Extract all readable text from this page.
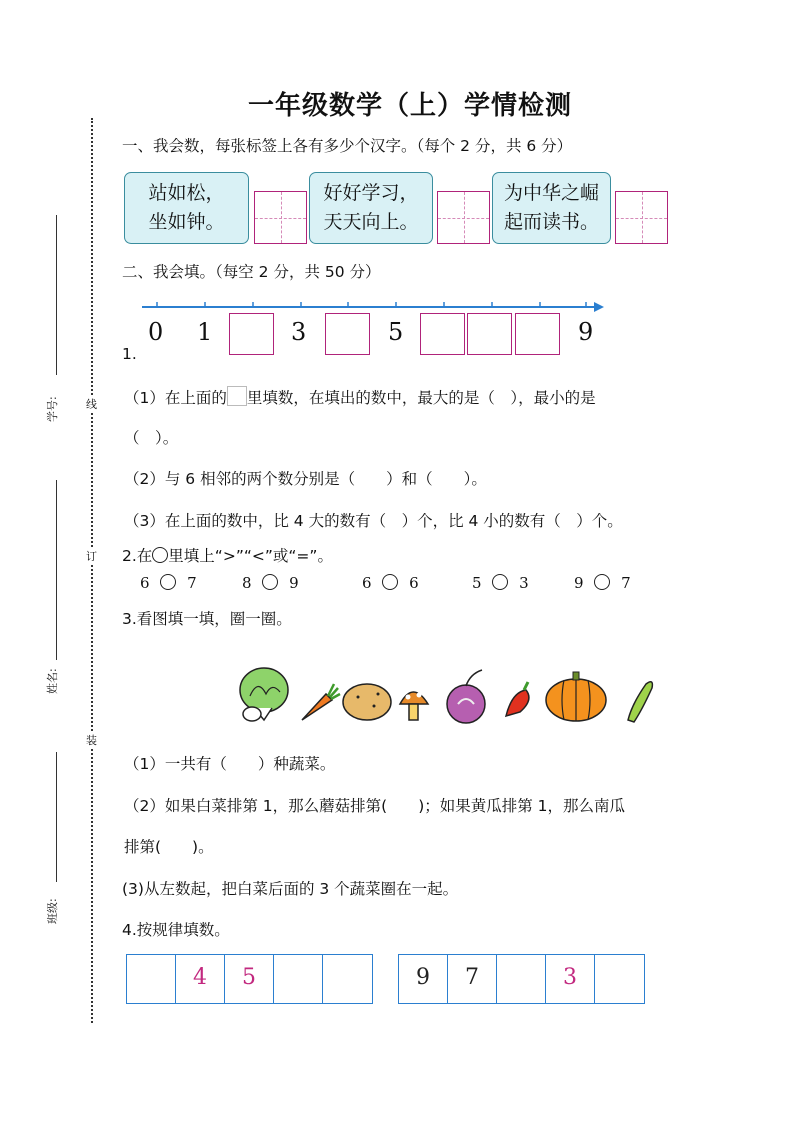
一年级数学（上）学情检测
学号:
姓名:
班级:
线
订
装
一、我会数，每张标签上各有多少个汉字。（每个 2 分，共 6 分）
站如松，
坐如钟。
好好学习，
天天向上。
为中华之崛
起而读书。
二、我会填。（每空 2 分，共 50 分）
0 1	3	5	9
1.
（1）在上面的 里填数，在填出的数中，最大的是（　），最小的是
（　）。
（2）与 6 相邻的两个数分别是（　　）和（　　）。
（3）在上面的数中，比 4 大的数有（　）个，比 4 小的数有（　）个。
2.在 里填上“>”“<”或“=”。
6	7	8	9	6	6	5	3	9	7
3.看图填一填，圈一圈。
（1）一共有（　　）种蔬菜。
（2）如果白菜排第 1，那么蘑菇排第(　　)；如果黄瓜排第 1，那么南瓜
排第(　　)。
(3)从左数起，把白菜后面的 3 个蔬菜圈在一起。
4.按规律填数。
4	5	9	7	3
